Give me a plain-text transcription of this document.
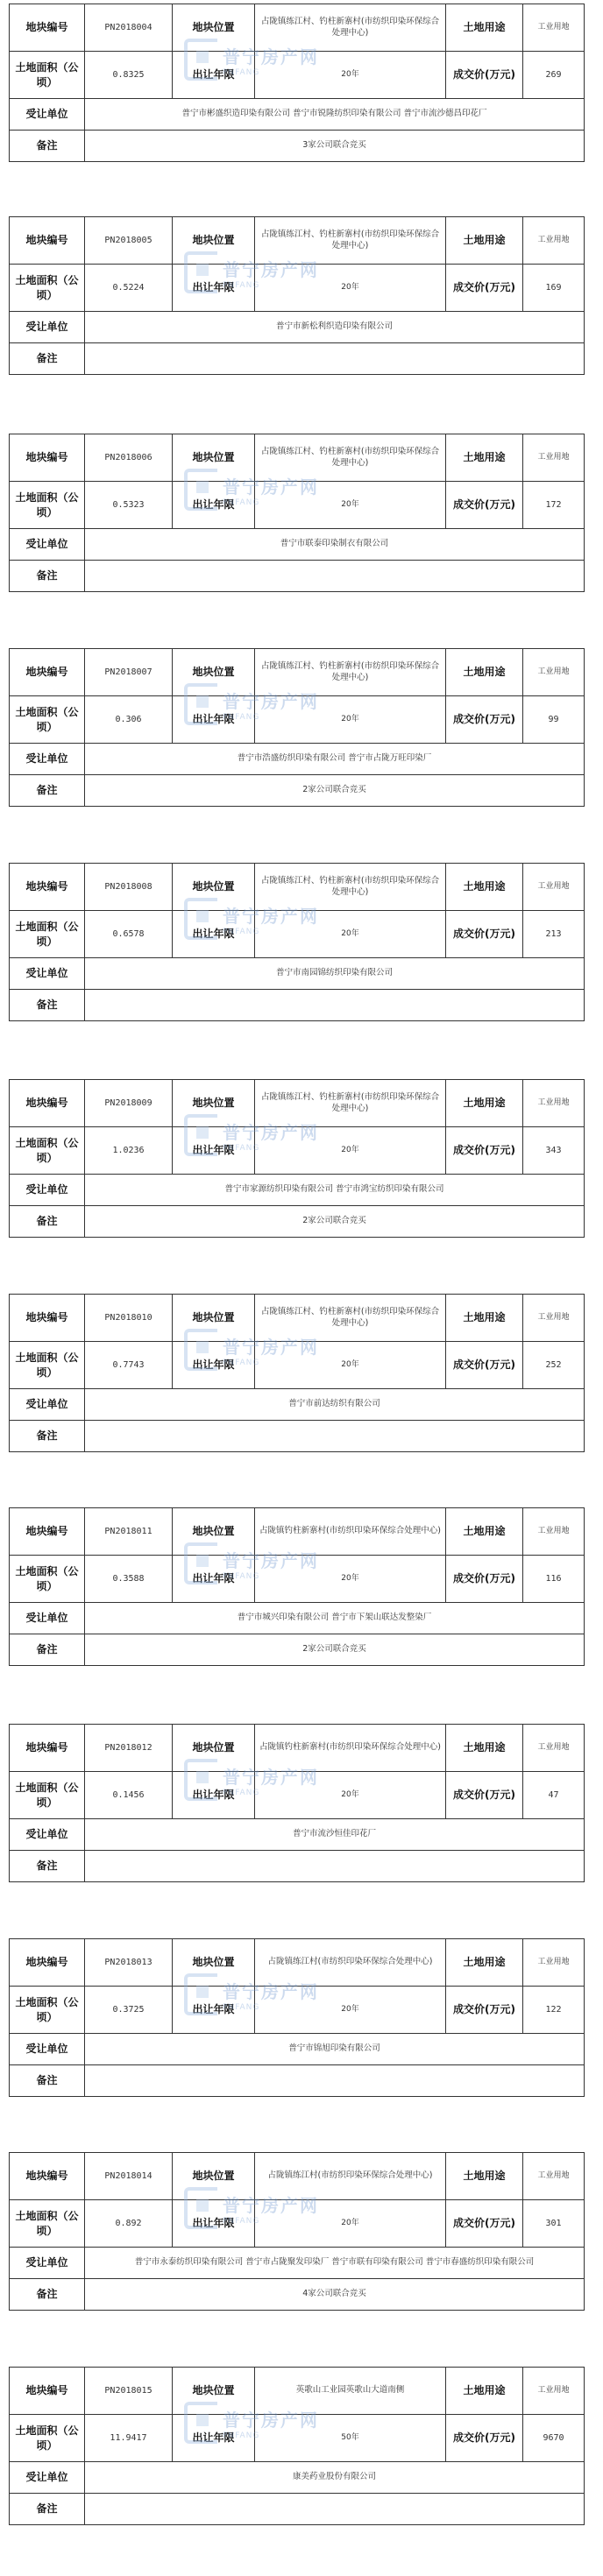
地块编号	PN2018004	地块位置	占陇镇练江村、钓柱新寨村(市纺织印染环保综合处理中心)	土地用途	工业用地
土地面积（公顷）	0.8325	出让年限	20年	成交价(万元)	269
受让单位	普宁市彬盛织造印染有限公司 普宁市锐隆纺织印染有限公司 普宁市流沙德昌印花厂				
备注	3家公司联合竞买				
普宁房产网
PNFANG
地块编号	PN2018005	地块位置	占陇镇练江村、钓柱新寨村(市纺织印染环保综合处理中心)	土地用途	工业用地
土地面积（公顷）	0.5224	出让年限	20年	成交价(万元)	169
受让单位	普宁市新松利织造印染有限公司				
备注					
普宁房产网
PNFANG
地块编号	PN2018006	地块位置	占陇镇练江村、钓柱新寨村(市纺织印染环保综合处理中心)	土地用途	工业用地
土地面积（公顷）	0.5323	出让年限	20年	成交价(万元)	172
受让单位	普宁市联泰印染制衣有限公司				
备注					
普宁房产网
PNFANG
地块编号	PN2018007	地块位置	占陇镇练江村、钓柱新寨村(市纺织印染环保综合处理中心)	土地用途	工业用地
土地面积（公顷）	0.306	出让年限	20年	成交价(万元)	99
受让单位	普宁市浩盛纺织印染有限公司 普宁市占陇万旺印染厂				
备注	2家公司联合竞买				
普宁房产网
PNFANG
地块编号	PN2018008	地块位置	占陇镇练江村、钓柱新寨村(市纺织印染环保综合处理中心)	土地用途	工业用地
土地面积（公顷）	0.6578	出让年限	20年	成交价(万元)	213
受让单位	普宁市南园锦纺织印染有限公司				
备注					
普宁房产网
PNFANG
地块编号	PN2018009	地块位置	占陇镇练江村、钓柱新寨村(市纺织印染环保综合处理中心)	土地用途	工业用地
土地面积（公顷）	1.0236	出让年限	20年	成交价(万元)	343
受让单位	普宁市家源纺织印染有限公司 普宁市鸿宝纺织印染有限公司				
备注	2家公司联合竞买				
普宁房产网
PNFANG
地块编号	PN2018010	地块位置	占陇镇练江村、钓柱新寨村(市纺织印染环保综合处理中心)	土地用途	工业用地
土地面积（公顷）	0.7743	出让年限	20年	成交价(万元)	252
受让单位	普宁市前达纺织有限公司				
备注					
普宁房产网
PNFANG
地块编号	PN2018011	地块位置	占陇镇钓柱新寨村(市纺织印染环保综合处理中心)	土地用途	工业用地
土地面积（公顷）	0.3588	出让年限	20年	成交价(万元)	116
受让单位	普宁市城兴印染有限公司 普宁市下架山联达发整染厂				
备注	2家公司联合竞买				
普宁房产网
PNFANG
地块编号	PN2018012	地块位置	占陇镇钓柱新寨村(市纺织印染环保综合处理中心)	土地用途	工业用地
土地面积（公顷）	0.1456	出让年限	20年	成交价(万元)	47
受让单位	普宁市流沙恒佳印花厂				
备注					
普宁房产网
PNFANG
地块编号	PN2018013	地块位置	占陇镇练江村(市纺织印染环保综合处理中心)	土地用途	工业用地
土地面积（公顷）	0.3725	出让年限	20年	成交价(万元)	122
受让单位	普宁市锦旭印染有限公司				
备注					
普宁房产网
PNFANG
地块编号	PN2018014	地块位置	占陇镇练江村(市纺织印染环保综合处理中心)	土地用途	工业用地
土地面积（公顷）	0.892	出让年限	20年	成交价(万元)	301
受让单位	普宁市永泰纺织印染有限公司 普宁市占陇聚发印染厂 普宁市联有印染有限公司 普宁市春盛纺织印染有限公司				
备注	4家公司联合竞买				
普宁房产网
PNFANG
地块编号	PN2018015	地块位置	英歌山工业园英歌山大道南侧	土地用途	工业用地
土地面积（公顷）	11.9417	出让年限	50年	成交价(万元)	9670
受让单位	康美药业股份有限公司				
备注					
普宁房产网
PNFANG
